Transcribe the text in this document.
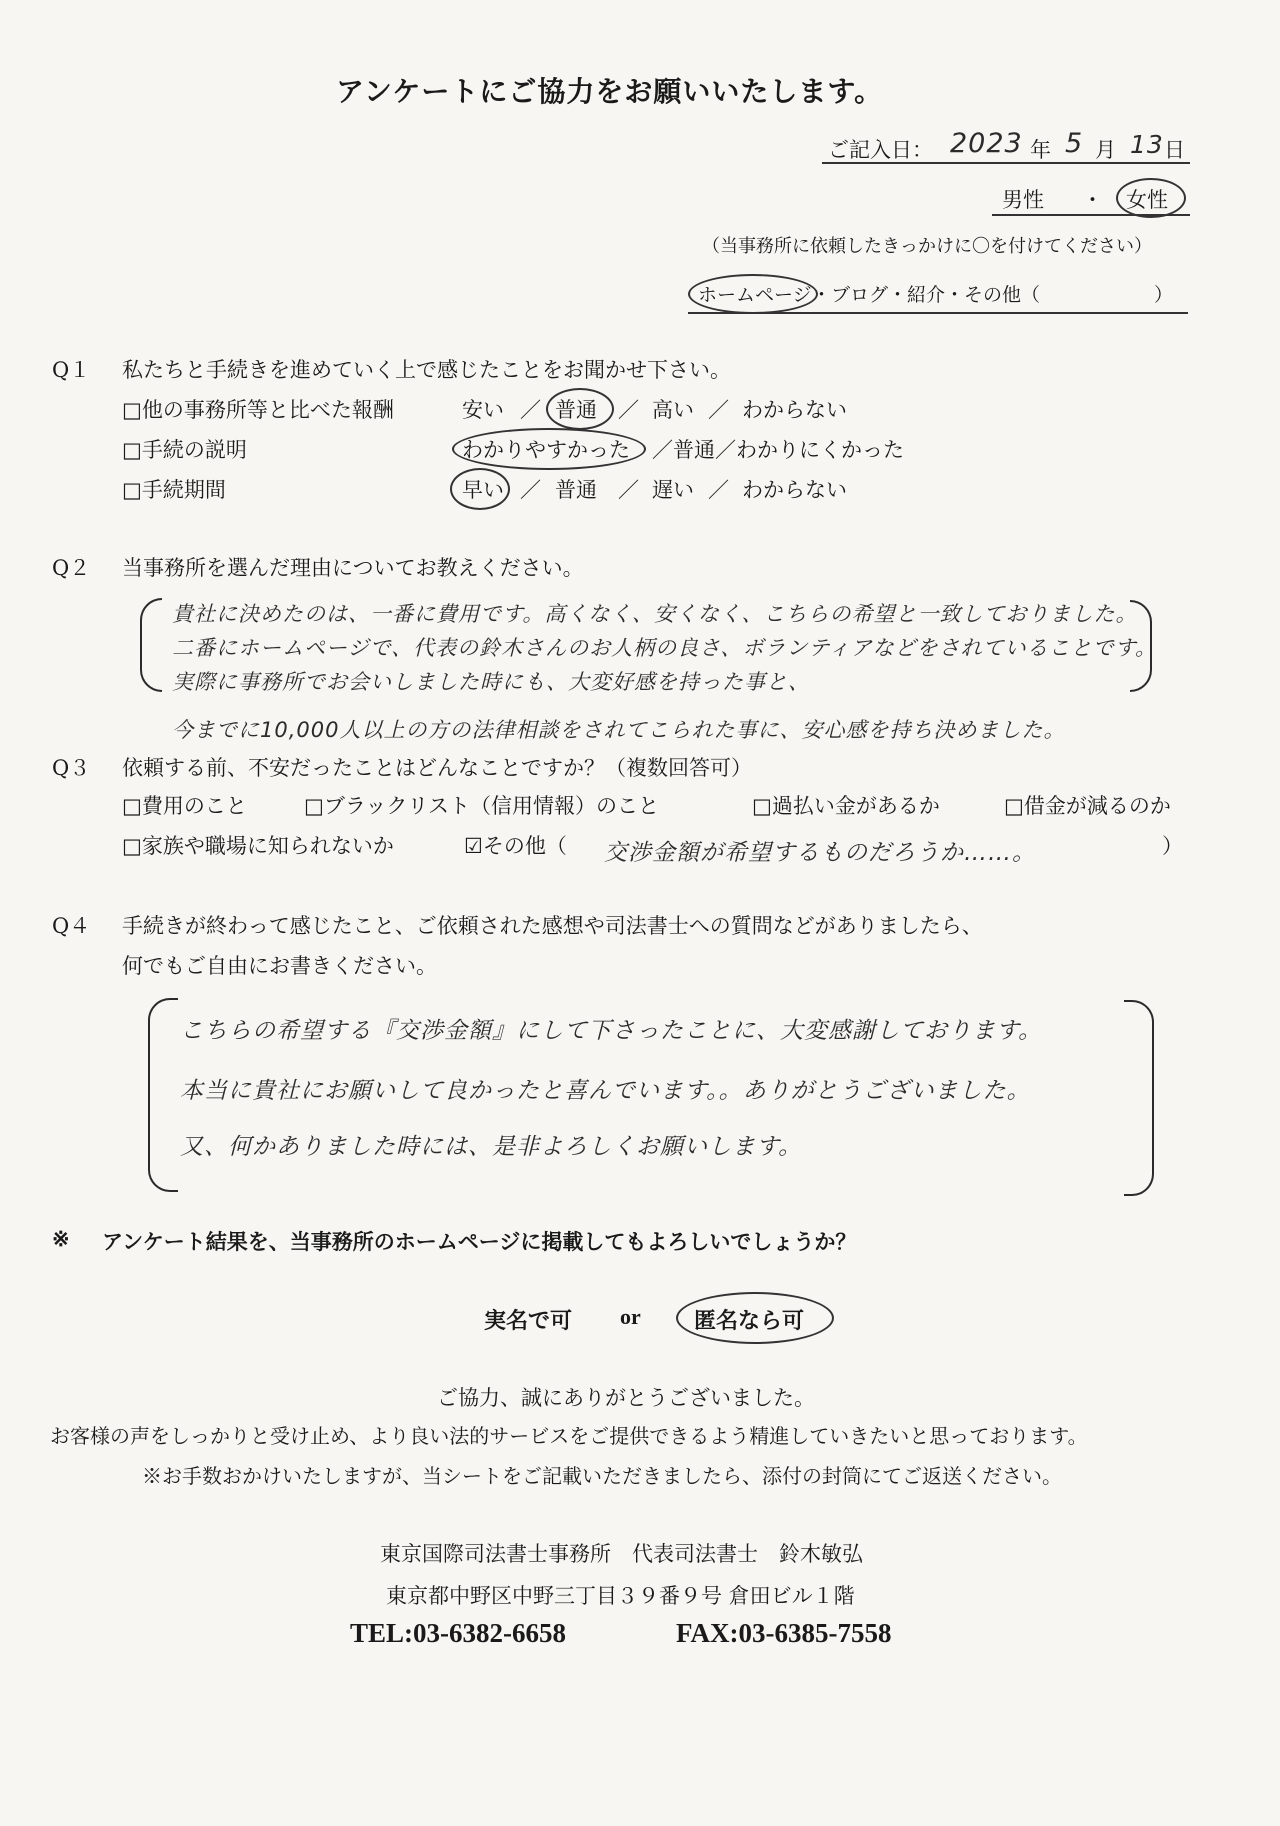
アンケートにご協力をお願いいたします。
ご記入日： 2023 年 5 月 13 日
男性 ・ 女性
（当事務所に依頼したきっかけに〇を付けてください）
ホームページ ・ブログ・紹介・その他（　　　　　　）
Q１ 私たちと手続きを進めていく上で感じたことをお聞かせ下さい。
□他の事務所等と比べた報酬	安い ／ 普通 ／ 高い ／ わからない
□手続の説明	わかりやすかった ／普通／わかりにくかった
□手続期間	早い ／ 普通 ／ 遅い ／ わからない
Q２ 当事務所を選んだ理由についてお教えください。
貴社に決めたのは、一番に費用です。高くなく、安くなく、こちらの希望と一致しておりました。
二番にホームページで、代表の鈴木さんのお人柄の良さ、ボランティアなどをされていることです。
実際に事務所でお会いしました時にも、大変好感を持った事と、
今までに10,000人以上の方の法律相談をされてこられた事に、安心感を持ち決めました。
Q３ 依頼する前、不安だったことはどんなことですか？（複数回答可）
□費用のこと	□ブラックリスト（信用情報）のこと	□過払い金があるか	□借金が減るのか
□家族や職場に知られないか	☑その他（ 交渉金額が希望するものだろうか……。	）
Q４ 手続きが終わって感じたこと、ご依頼された感想や司法書士への質問などがありましたら、
何でもご自由にお書きください。
こちらの希望する『交渉金額』にして下さったことに、大変感謝しております。
本当に貴社にお願いして良かったと喜んでいます。。ありがとうございました。
又、何かありました時には、是非よろしくお願いします。
※ アンケート結果を、当事務所のホームページに掲載してもよろしいでしょうか？
実名で可 or 匿名なら可
ご協力、誠にありがとうございました。
お客様の声をしっかりと受け止め、より良い法的サービスをご提供できるよう精進していきたいと思っております。
※お手数おかけいたしますが、当シートをご記載いただきましたら、添付の封筒にてご返送ください。
東京国際司法書士事務所　代表司法書士　鈴木敏弘
東京都中野区中野三丁目３９番９号 倉田ビル１階
TEL:03-6382-6658	FAX:03-6385-7558
